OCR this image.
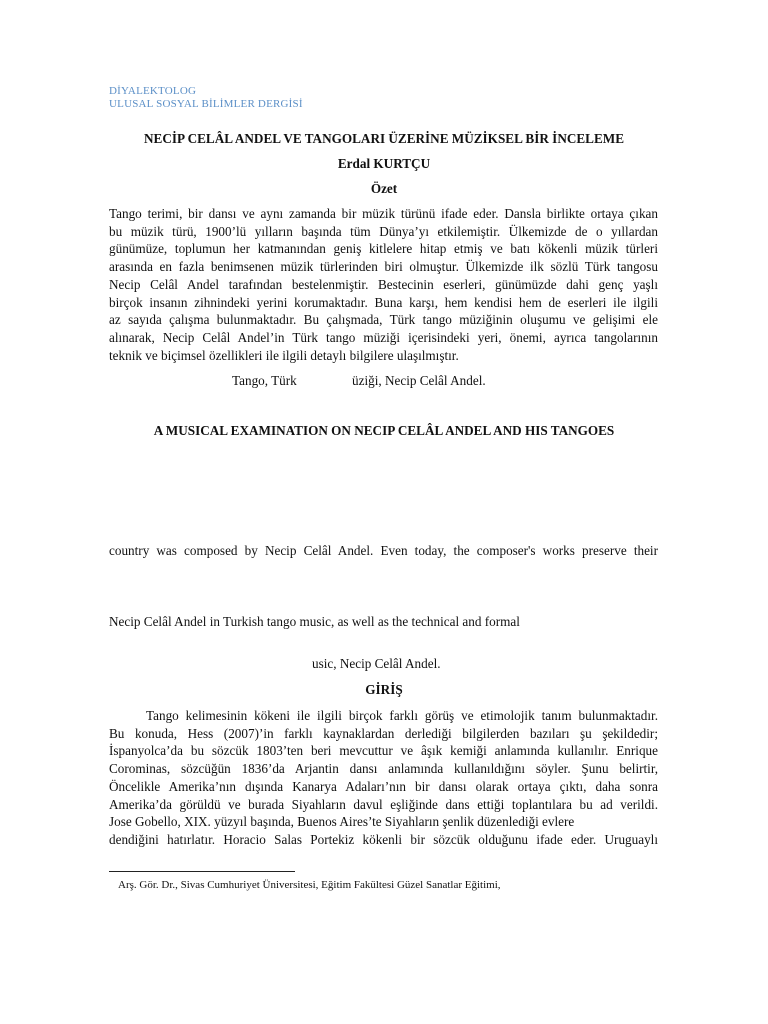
DİYALEKTOLOG
ULUSAL SOSYAL BİLİMLER DERGİSİ
NECİP CELÂL ANDEL VE TANGOLARI ÜZERİNE MÜZİKSEL BİR İNCELEME
Erdal KURTÇU
Özet
Tango terimi, bir dansı ve aynı zamanda bir müzik türünü ifade eder. Dansla birlikte ortaya çıkan
bu müzik türü, 1900’lü yılların başında tüm Dünya’yı etkilemiştir. Ülkemizde de o yıllardan
günümüze, toplumun her katmanından geniş kitlelere hitap etmiş ve batı kökenli müzik türleri
arasında en fazla benimsenen müzik türlerinden biri olmuştur. Ülkemizde ilk sözlü Türk tangosu
Necip Celâl Andel tarafından bestelenmiştir. Bestecinin eserleri, günümüzde dahi genç yaşlı
birçok insanın zihnindeki yerini korumaktadır. Buna karşı, hem kendisi hem de eserleri ile ilgili
az sayıda çalışma bulunmaktadır. Bu çalışmada, Türk tango müziğinin oluşumu ve gelişimi ele
alınarak, Necip Celâl Andel’in Türk tango müziği içerisindeki yeri, önemi, ayrıca tangolarının
teknik ve biçimsel özellikleri ile ilgili detaylı bilgilere ulaşılmıştır.
Tango, Türk	üziği, Necip Celâl Andel.
A MUSICAL EXAMINATION ON NECIP CELÂL ANDEL AND HIS TANGOES
country was composed by Necip Celâl Andel. Even today, the composer's works preserve their
Necip Celâl Andel in Turkish tango music, as well as the technical and formal
usic, Necip Celâl Andel.
GİRİŞ
Tango kelimesinin kökeni ile ilgili birçok farklı görüş ve etimolojik tanım bulunmaktadır.
Bu konuda, Hess (2007)’in farklı kaynaklardan derlediği bilgilerden bazıları şu şekildedir;
İspanyolca’da bu sözcük 1803’ten beri mevcuttur ve âşık kemiği anlamında kullanılır. Enrique
Corominas, sözcüğün 1836’da Arjantin dansı anlamında kullanıldığını söyler. Şunu belirtir,
Öncelikle Amerika’nın dışında Kanarya Adaları’nın bir dansı olarak ortaya çıktı, daha sonra
Amerika’da görüldü ve burada Siyahların davul eşliğinde dans ettiği toplantılara bu ad verildi.
Jose Gobello, XIX. yüzyıl başında, Buenos Aires’te Siyahların şenlik düzenlediği evlere
dendiğini hatırlatır. Horacio Salas Portekiz kökenli bir sözcük olduğunu ifade eder. Uruguaylı
Arş. Gör. Dr., Sivas Cumhuriyet Üniversitesi, Eğitim Fakültesi Güzel Sanatlar Eğitimi,
